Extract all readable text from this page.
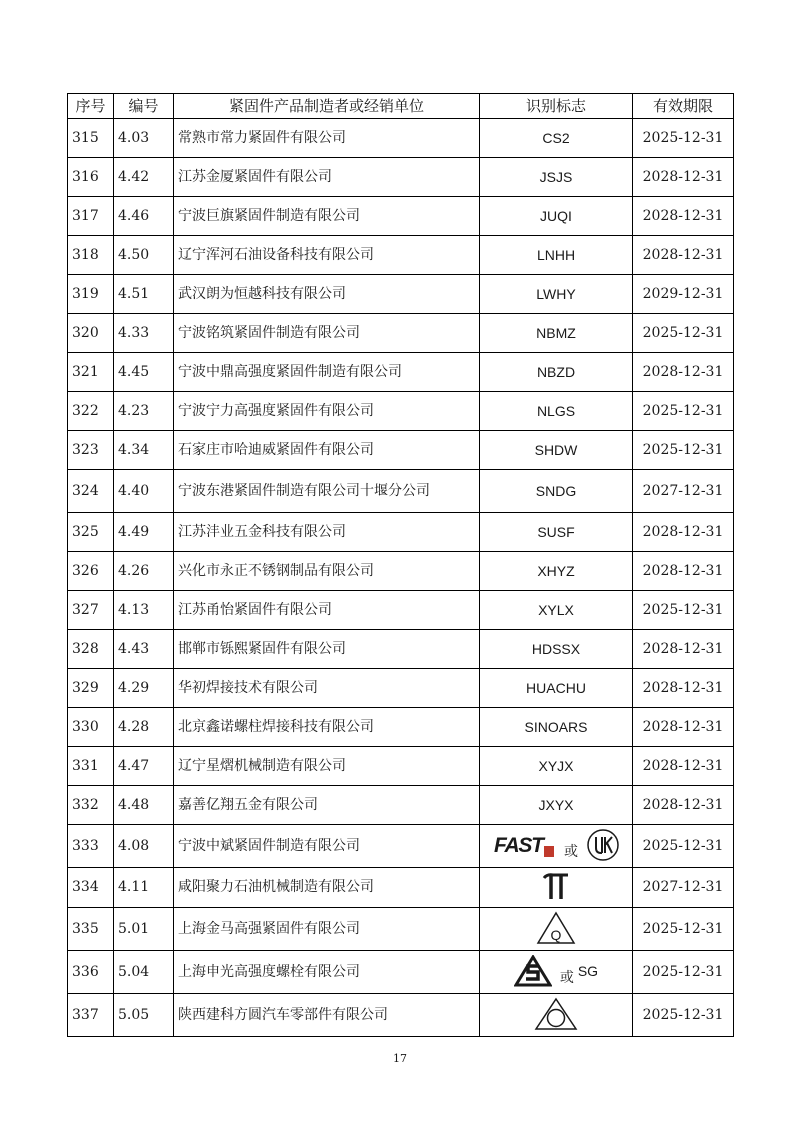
序号	编号	紧固件产品制造者或经销单位	识别标志	有效期限
315	4.03	常熟市常力紧固件有限公司	CS2	2025-12-31
316	4.42	江苏金厦紧固件有限公司	JSJS	2028-12-31
317	4.46	宁波巨旗紧固件制造有限公司	JUQI	2028-12-31
318	4.50	辽宁浑河石油设备科技有限公司	LNHH	2028-12-31
319	4.51	武汉朗为恒越科技有限公司	LWHY	2029-12-31
320	4.33	宁波铭筑紧固件制造有限公司	NBMZ	2025-12-31
321	4.45	宁波中鼎高强度紧固件制造有限公司	NBZD	2028-12-31
322	4.23	宁波宁力高强度紧固件有限公司	NLGS	2025-12-31
323	4.34	石家庄市哈迪威紧固件有限公司	SHDW	2025-12-31
324	4.40	宁波东港紧固件制造有限公司十堰分公司	SNDG	2027-12-31
325	4.49	江苏沣业五金科技有限公司	SUSF	2028-12-31
326	4.26	兴化市永正不锈钢制品有限公司	XHYZ	2028-12-31
327	4.13	江苏甬怡紧固件有限公司	XYLX	2025-12-31
328	4.43	邯郸市铄熙紧固件有限公司	HDSSX	2028-12-31
329	4.29	华初焊接技术有限公司	HUACHU	2028-12-31
330	4.28	北京鑫诺螺柱焊接科技有限公司	SINOARS	2028-12-31
331	4.47	辽宁星熠机械制造有限公司	XYJX	2028-12-31
332	4.48	嘉善亿翔五金有限公司	JXYX	2028-12-31
333	4.08	宁波中斌紧固件制造有限公司	FAST 或	2025-12-31
334	4.11	咸阳聚力石油机械制造有限公司		2027-12-31
335	5.01	上海金马高强紧固件有限公司	Q	2025-12-31
336	5.04	上海申光高强度螺栓有限公司	或 SG	2025-12-31
337	5.05	陕西建科方圆汽车零部件有限公司		2025-12-31
17
